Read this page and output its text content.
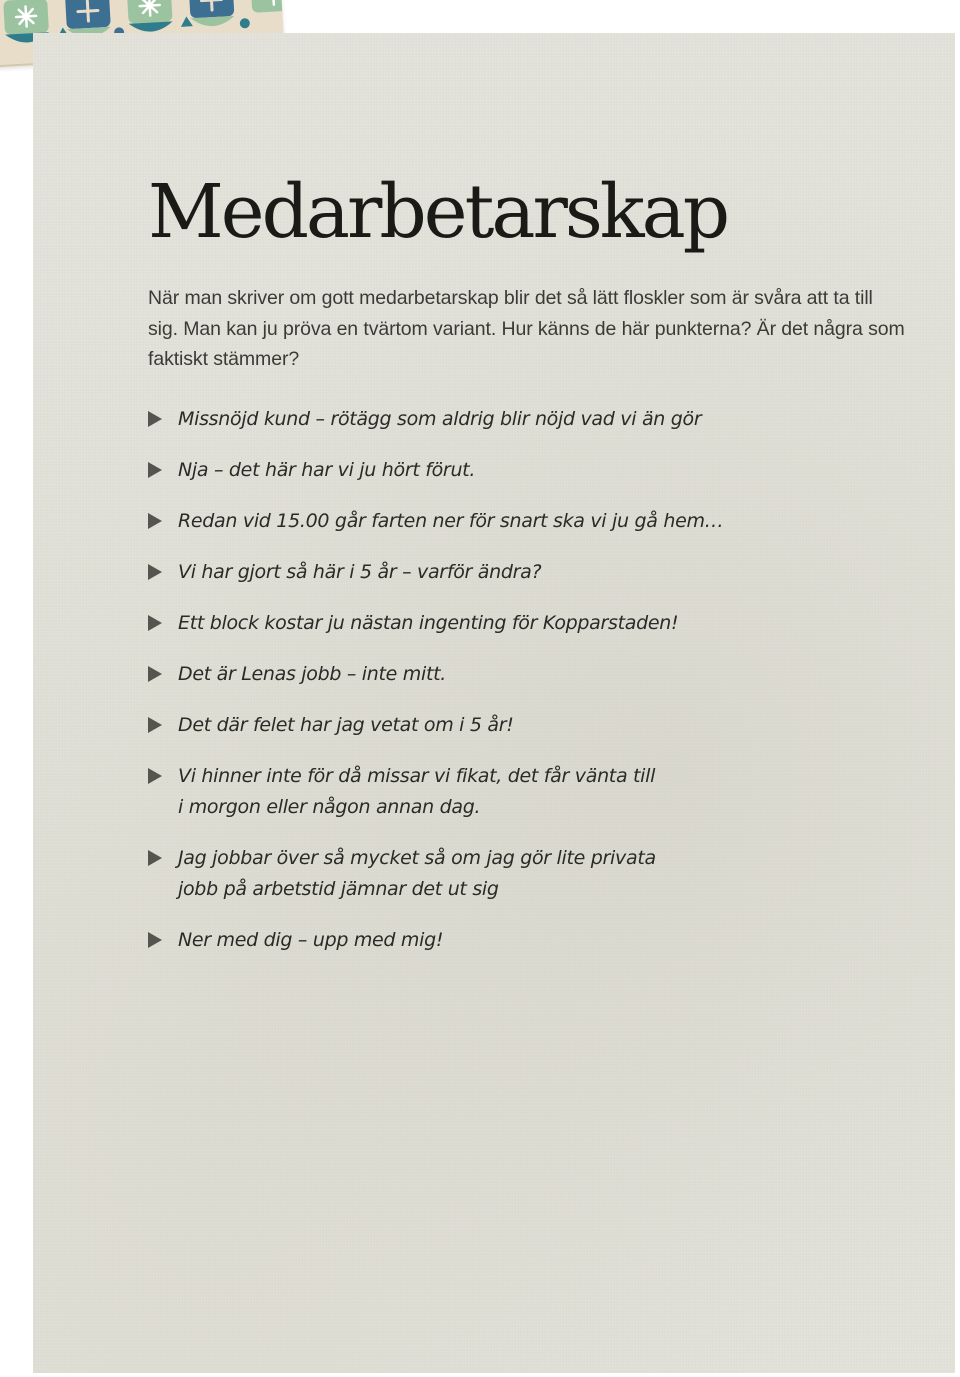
Medarbetarskap

När man skriver om gott medarbetarskap blir det så lätt floskler som är svåra att ta till sig. Man kan ju pröva en tvärtom variant. Hur känns de här punkterna? Är det några som faktiskt stämmer?

Missnöjd kund – rötägg som aldrig blir nöjd vad vi än gör
Nja – det här har vi ju hört förut.
Redan vid 15.00 går farten ner för snart ska vi ju gå hem…
Vi har gjort så här i 5 år – varför ändra?
Ett block kostar ju nästan ingenting för Kopparstaden!
Det är Lenas jobb – inte mitt.
Det där felet har jag vetat om i 5 år!
Vi hinner inte för då missar vi fikat, det får vänta till
i morgon eller någon annan dag.
Jag jobbar över så mycket så om jag gör lite privata
jobb på arbetstid jämnar det ut sig
Ner med dig – upp med mig!
